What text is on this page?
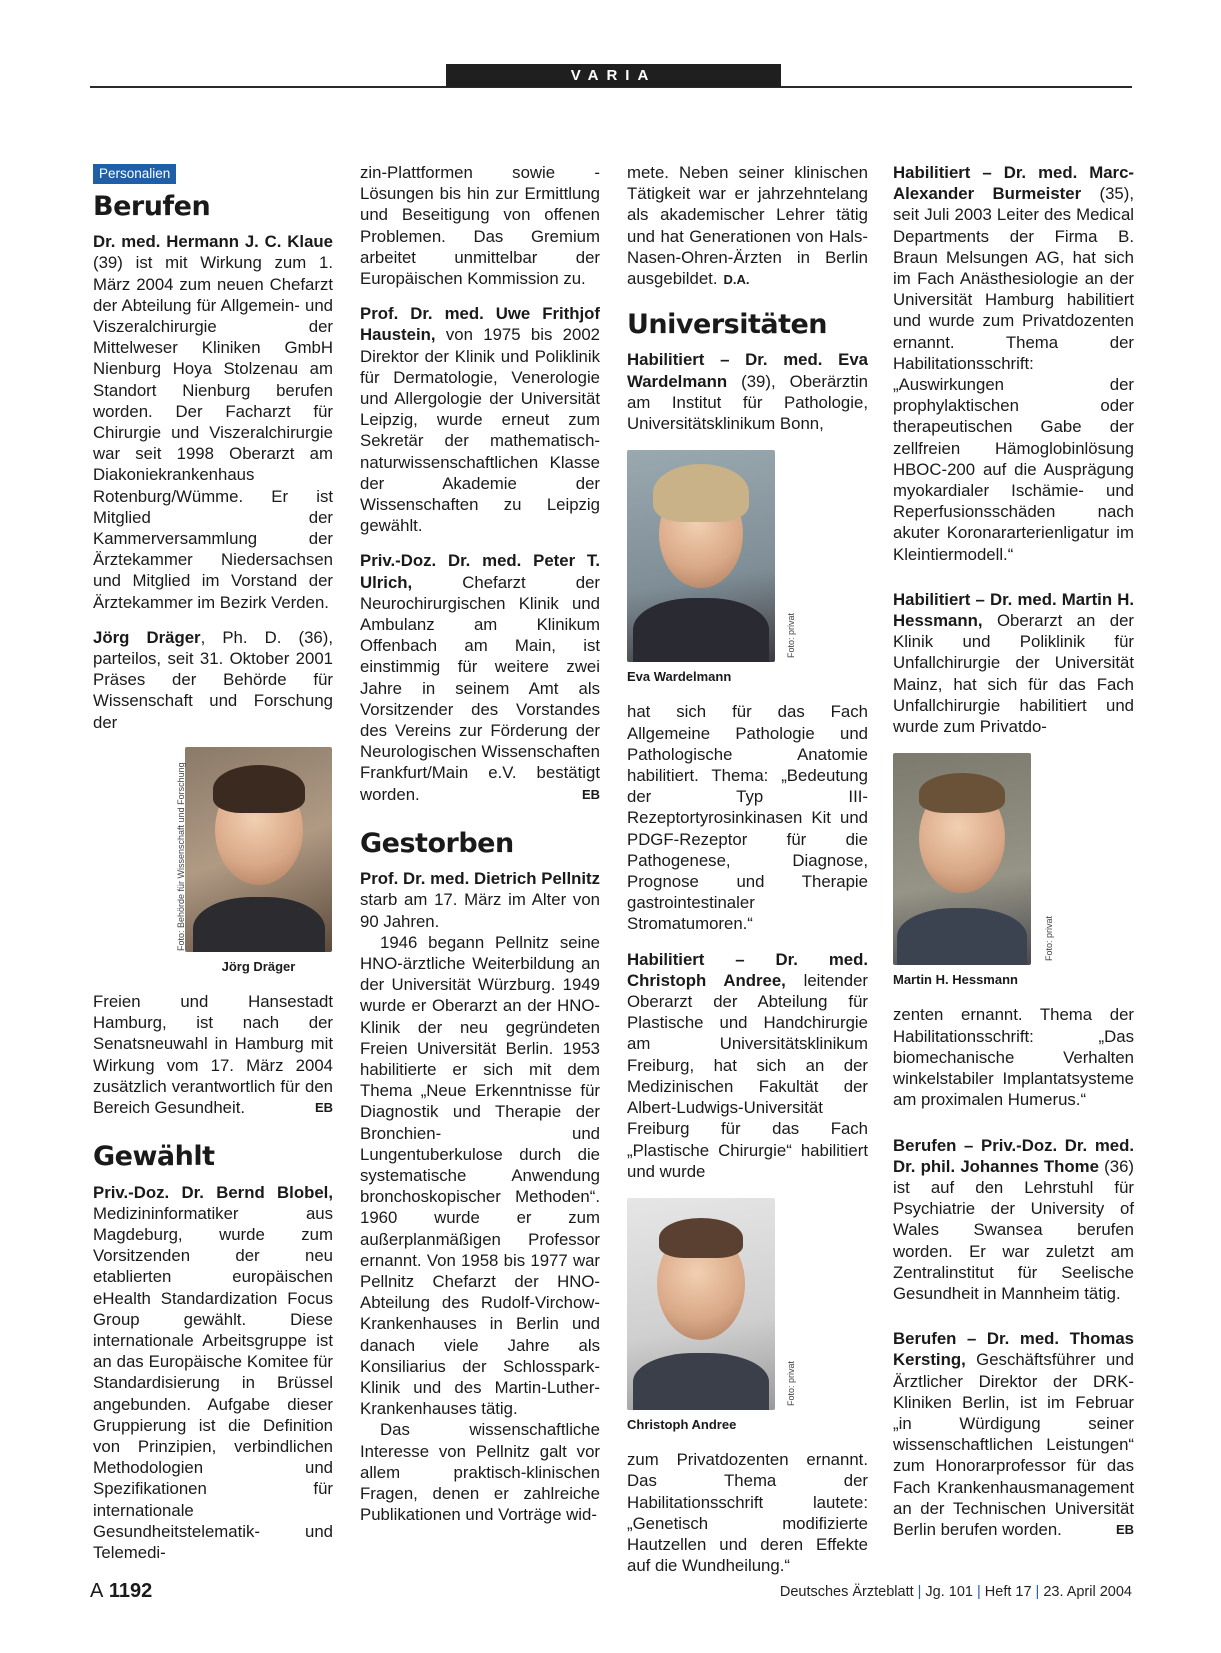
VARIA
Personalien
Berufen

Dr. med. Hermann J. C. Klaue (39) ist mit Wirkung zum 1. März 2004 zum neuen Chefarzt der Abteilung für Allgemein- und Viszeralchirurgie der Mittelweser Kliniken GmbH Nienburg Hoya Stolzenau am Standort Nienburg berufen worden. Der Facharzt für Chirurgie und Viszeralchirurgie war seit 1998 Oberarzt am Diakoniekrankenhaus Rotenburg/Wümme. Er ist Mitglied der Kammerversammlung der Ärztekammer Niedersachsen und Mitglied im Vorstand der Ärztekammer im Bezirk Verden.

Jörg Dräger, Ph. D. (36), parteilos, seit 31. Oktober 2001 Präses der Behörde für Wissenschaft und Forschung der

Foto: Behörde für Wissenschaft und Forschung
Jörg Dräger

Freien und Hansestadt Hamburg, ist nach der Senatsneuwahl in Hamburg mit Wirkung vom 17. März 2004 zusätzlich verantwortlich für den Bereich Gesundheit.	EB

Gewählt

Priv.-Doz. Dr. Bernd Blobel, Medizininformatiker aus Magdeburg, wurde zum Vorsitzenden der neu etablierten europäischen eHealth Standardization Focus Group gewählt. Diese internationale Arbeitsgruppe ist an das Europäische Komitee für Standardisierung in Brüssel angebunden. Aufgabe dieser Gruppierung ist die Definition von Prinzipien, verbindlichen Methodologien und Spezifikationen für internationale Gesundheitstelematik- und Telemedi-

zin-Plattformen sowie -Lösungen bis hin zur Ermittlung und Beseitigung von offenen Problemen. Das Gremium arbeitet unmittelbar der Europäischen Kommission zu.

Prof. Dr. med. Uwe Frithjof Haustein, von 1975 bis 2002 Direktor der Klinik und Poliklinik für Dermatologie, Venerologie und Allergologie der Universität Leipzig, wurde erneut zum Sekretär der mathematisch-naturwissenschaftlichen Klasse der Akademie der Wissenschaften zu Leipzig gewählt.

Priv.-Doz. Dr. med. Peter T. Ulrich, Chefarzt der Neurochirurgischen Klinik und Ambulanz am Klinikum Offenbach am Main, ist einstimmig für weitere zwei Jahre in seinem Amt als Vorsitzender des Vorstandes des Vereins zur Förderung der Neurologischen Wissenschaften Frankfurt/Main e.V. bestätigt worden.	EB

Gestorben

Prof. Dr. med. Dietrich Pellnitz starb am 17. März im Alter von 90 Jahren.

1946 begann Pellnitz seine HNO-ärztliche Weiterbildung an der Universität Würzburg. 1949 wurde er Oberarzt an der HNO-Klinik der neu gegründeten Freien Universität Berlin. 1953 habilitierte er sich mit dem Thema „Neue Erkenntnisse für Diagnostik und Therapie der Bronchien- und Lungentuberkulose durch die systematische Anwendung bronchoskopischer Methoden“. 1960 wurde er zum außerplanmäßigen Professor ernannt. Von 1958 bis 1977 war Pellnitz Chefarzt der HNO-Abteilung des Rudolf-Virchow-Krankenhauses in Berlin und danach viele Jahre als Konsiliarius der Schlosspark-Klinik und des Martin-Luther-Krankenhauses tätig.

Das wissenschaftliche Interesse von Pellnitz galt vor allem praktisch-klinischen Fragen, denen er zahlreiche Publikationen und Vorträge wid-

mete. Neben seiner klinischen Tätigkeit war er jahrzehntelang als akademischer Lehrer tätig und hat Generationen von Hals-Nasen-Ohren-Ärzten in Berlin ausgebildet. D.A.

Universitäten

Habilitiert – Dr. med. Eva Wardelmann (39), Oberärztin am Institut für Pathologie, Universitätsklinikum Bonn,

Foto: privat
Eva Wardelmann

hat sich für das Fach Allgemeine Pathologie und Pathologische Anatomie habilitiert. Thema: „Bedeutung der Typ III-Rezeptortyrosinkinasen Kit und PDGF-Rezeptor für die Pathogenese, Diagnose, Prognose und Therapie gastrointestinaler Stromatumoren.“

Habilitiert – Dr. med. Christoph Andree, leitender Oberarzt der Abteilung für Plastische und Handchirurgie am Universitätsklinikum Freiburg, hat sich an der Medizinischen Fakultät der Albert-Ludwigs-Universität Freiburg für das Fach „Plastische Chirurgie“ habilitiert und wurde

Foto: privat
Christoph Andree

zum Privatdozenten ernannt. Das Thema der Habilitationsschrift lautete: „Genetisch modifizierte Hautzellen und deren Effekte auf die Wundheilung.“

Habilitiert – Dr. med. Marc-Alexander Burmeister (35), seit Juli 2003 Leiter des Medical Departments der Firma B. Braun Melsungen AG, hat sich im Fach Anästhesiologie an der Universität Hamburg habilitiert und wurde zum Privatdozenten ernannt. Thema der Habilitationsschrift: „Auswirkungen der prophylaktischen oder therapeutischen Gabe der zellfreien Hämoglobinlösung HBOC-200 auf die Ausprägung myokardialer Ischämie- und Reperfusionsschäden nach akuter Koronararterienligatur im Kleintiermodell.“

Habilitiert – Dr. med. Martin H. Hessmann, Oberarzt an der Klinik und Poliklinik für Unfallchirurgie der Universität Mainz, hat sich für das Fach Unfallchirurgie habilitiert und wurde zum Privatdo-

Foto: privat
Martin H. Hessmann

zenten ernannt. Thema der Habilitationsschrift: „Das biomechanische Verhalten winkelstabiler Implantatsysteme am proximalen Humerus.“

Berufen – Priv.-Doz. Dr. med. Dr. phil. Johannes Thome (36) ist auf den Lehrstuhl für Psychiatrie der University of Wales Swansea berufen worden. Er war zuletzt am Zentralinstitut für Seelische Gesundheit in Mannheim tätig.

Berufen – Dr. med. Thomas Kersting, Geschäftsführer und Ärztlicher Direktor der DRK-Kliniken Berlin, ist im Februar „in Würdigung seiner wissenschaftlichen Leistungen“ zum Honorarprofessor für das Fach Krankenhausmanagement an der Technischen Universität Berlin berufen worden.	EB

A 1192	Deutsches Ärzteblatt | Jg. 101 | Heft 17 | 23. April 2004
